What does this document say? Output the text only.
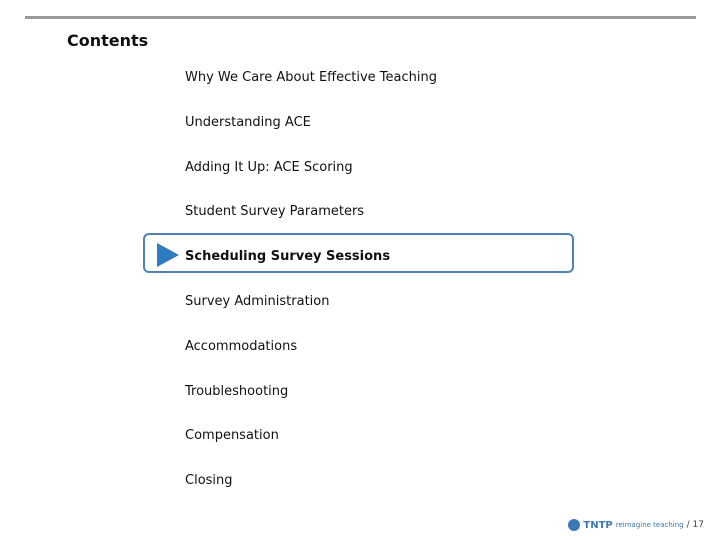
Contents
Why We Care About Effective Teaching
Understanding ACE
Adding It Up: ACE Scoring
Student Survey Parameters
Scheduling Survey Sessions
Survey Administration
Accommodations
Troubleshooting
Compensation
Closing
TNTP reimagine teaching / 17
